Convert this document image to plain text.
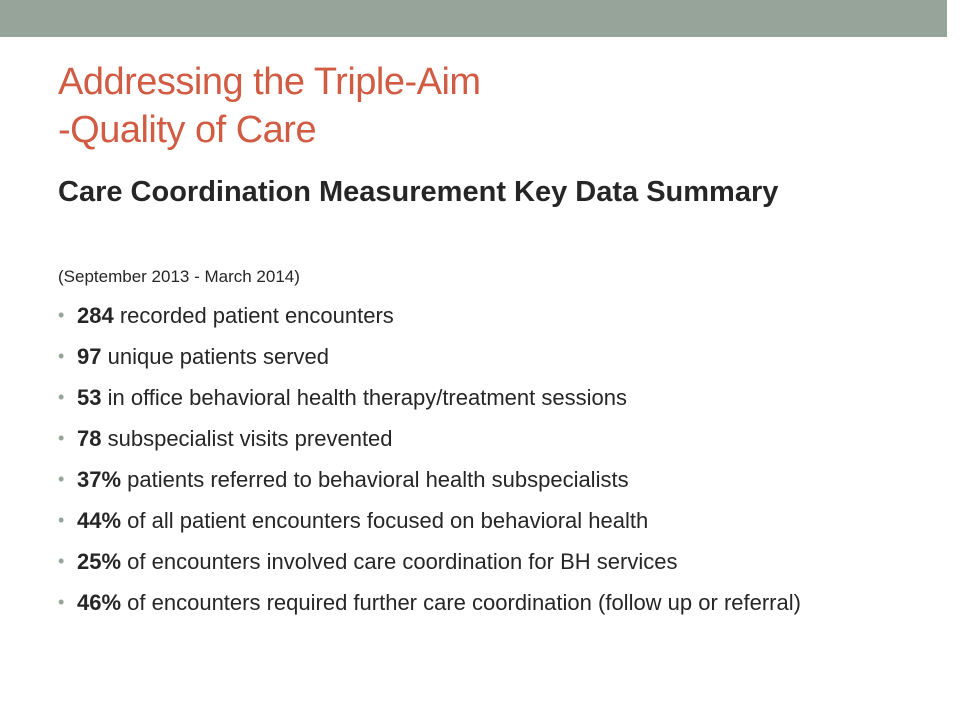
Addressing the Triple-Aim
-Quality of Care
Care Coordination Measurement Key Data Summary
(September 2013 - March 2014)
• 284 recorded patient encounters
• 97 unique patients served
• 53 in office behavioral health therapy/treatment sessions
• 78 subspecialist visits prevented
• 37% patients referred to behavioral health subspecialists
• 44% of all patient encounters focused on behavioral health
• 25% of encounters involved care coordination for BH services
• 46% of encounters required further care coordination (follow up or referral)
